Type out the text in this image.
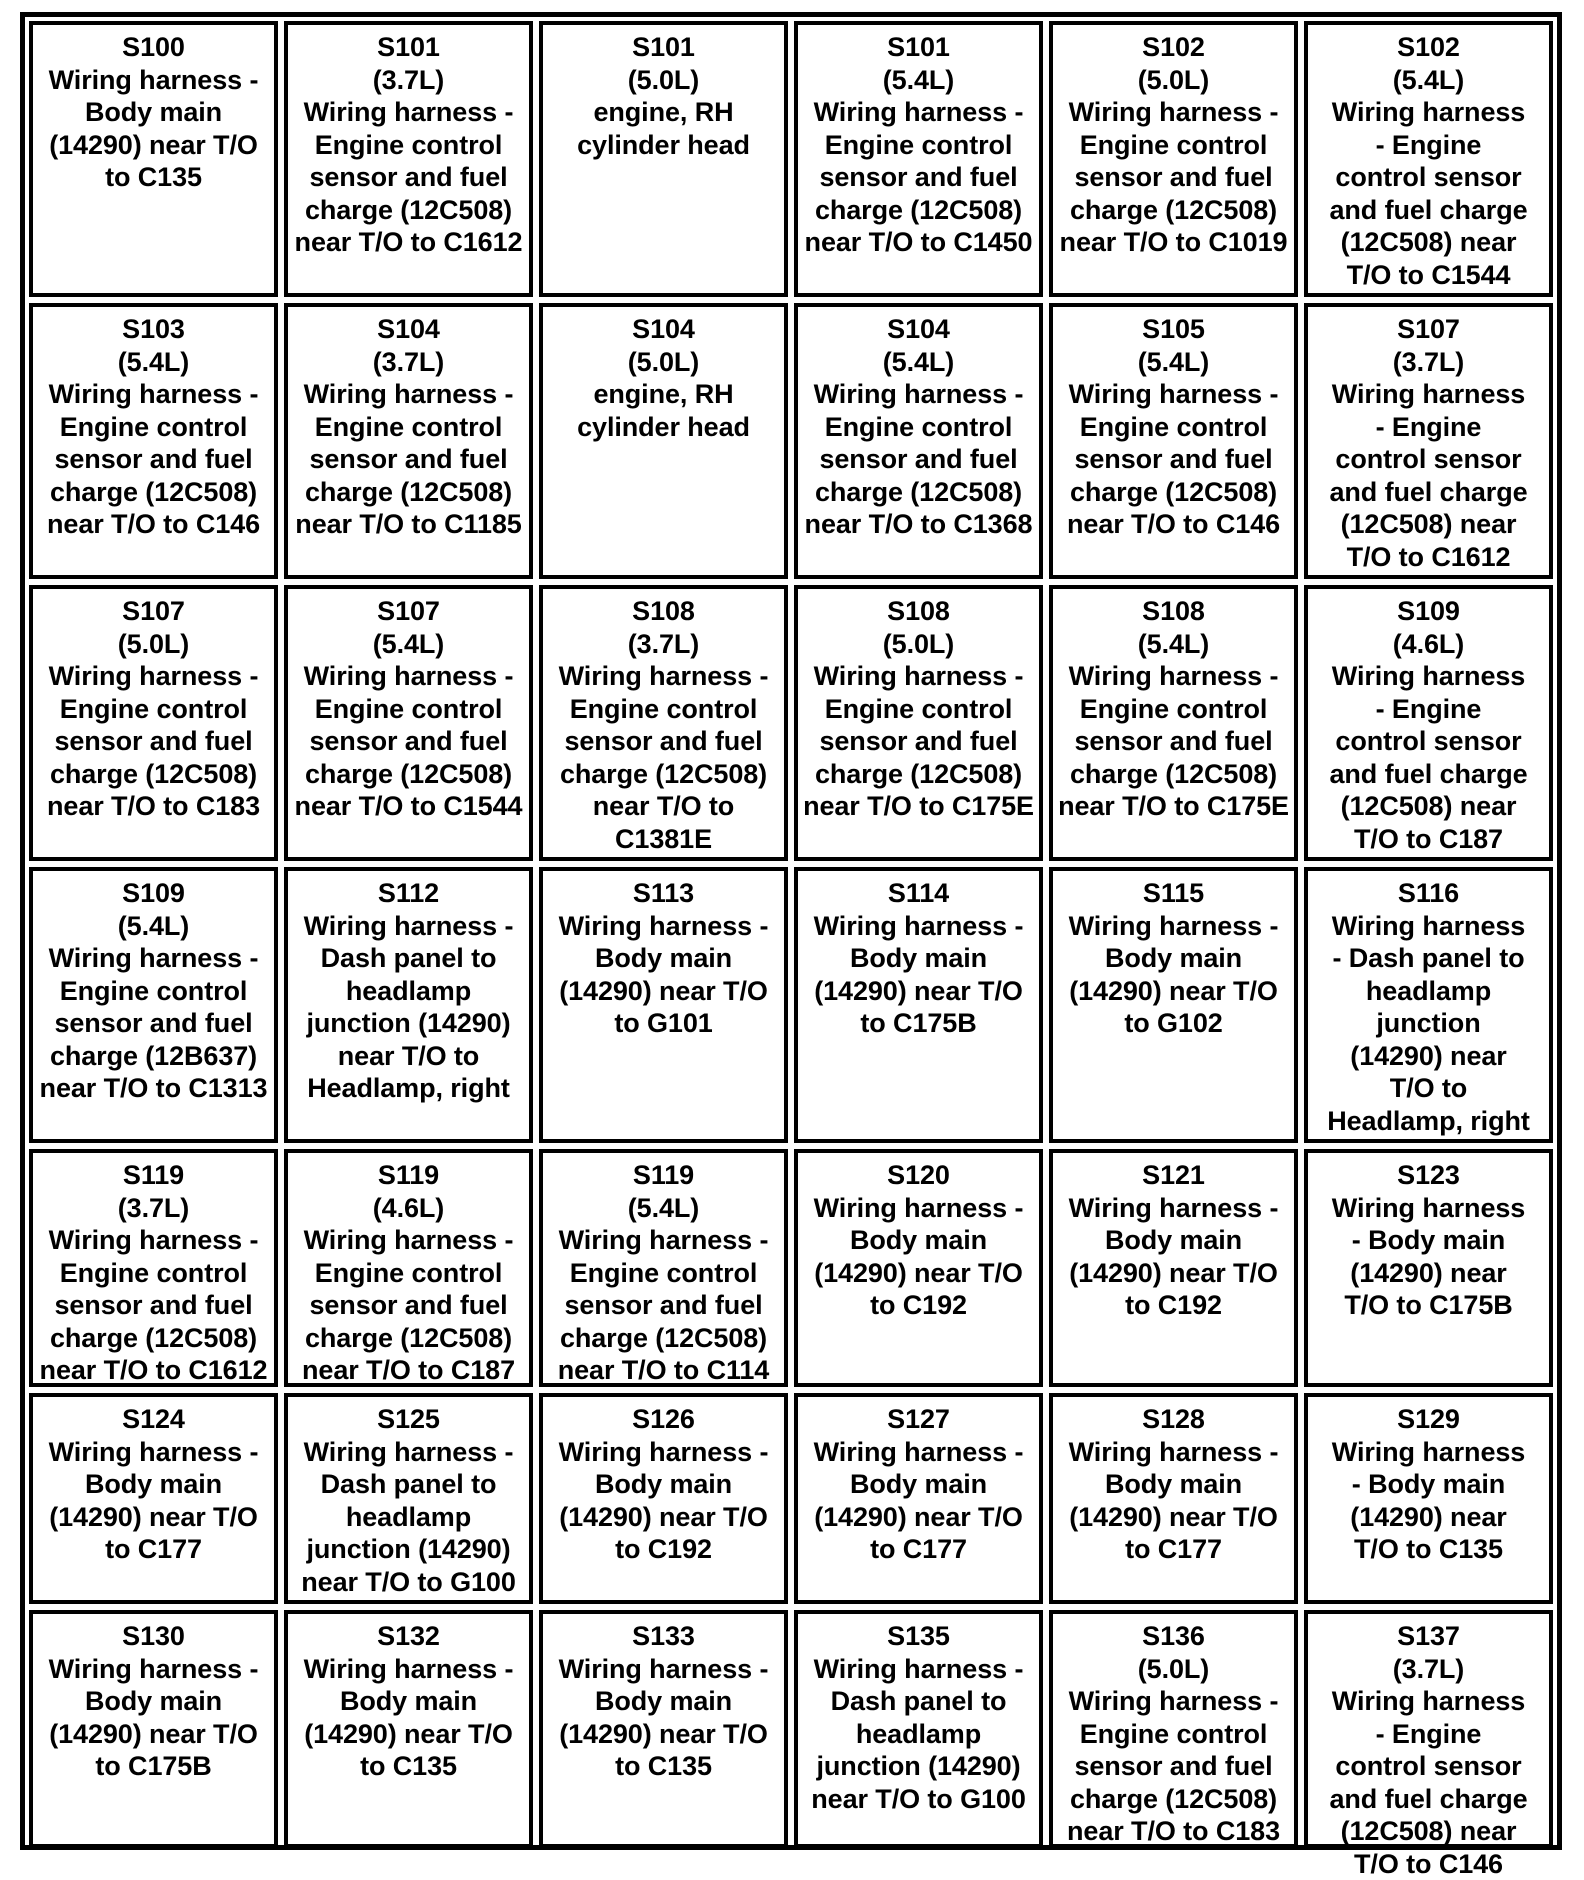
S100
Wiring harness -
Body main
(14290) near T/O
to C135

S101
(3.7L)
Wiring harness -
Engine control
sensor and fuel
charge (12C508)
near T/O to C1612

S101
(5.0L)
engine, RH
cylinder head

S101
(5.4L)
Wiring harness -
Engine control
sensor and fuel
charge (12C508)
near T/O to C1450

S102
(5.0L)
Wiring harness -
Engine control
sensor and fuel
charge (12C508)
near T/O to C1019

S102
(5.4L)
Wiring harness
- Engine
control sensor
and fuel charge
(12C508) near
T/O to C1544

S103
(5.4L)
Wiring harness -
Engine control
sensor and fuel
charge (12C508)
near T/O to C146

S104
(3.7L)
Wiring harness -
Engine control
sensor and fuel
charge (12C508)
near T/O to C1185

S104
(5.0L)
engine, RH
cylinder head

S104
(5.4L)
Wiring harness -
Engine control
sensor and fuel
charge (12C508)
near T/O to C1368

S105
(5.4L)
Wiring harness -
Engine control
sensor and fuel
charge (12C508)
near T/O to C146

S107
(3.7L)
Wiring harness
- Engine
control sensor
and fuel charge
(12C508) near
T/O to C1612

S107
(5.0L)
Wiring harness -
Engine control
sensor and fuel
charge (12C508)
near T/O to C183

S107
(5.4L)
Wiring harness -
Engine control
sensor and fuel
charge (12C508)
near T/O to C1544

S108
(3.7L)
Wiring harness -
Engine control
sensor and fuel
charge (12C508)
near T/O to
C1381E

S108
(5.0L)
Wiring harness -
Engine control
sensor and fuel
charge (12C508)
near T/O to C175E

S108
(5.4L)
Wiring harness -
Engine control
sensor and fuel
charge (12C508)
near T/O to C175E

S109
(4.6L)
Wiring harness
- Engine
control sensor
and fuel charge
(12C508) near
T/O to C187

S109
(5.4L)
Wiring harness -
Engine control
sensor and fuel
charge (12B637)
near T/O to C1313

S112
Wiring harness -
Dash panel to
headlamp
junction (14290)
near T/O to
Headlamp, right

S113
Wiring harness -
Body main
(14290) near T/O
to G101

S114
Wiring harness -
Body main
(14290) near T/O
to C175B

S115
Wiring harness -
Body main
(14290) near T/O
to G102

S116
Wiring harness
- Dash panel to
headlamp
junction
(14290) near
T/O to
Headlamp, right

S119
(3.7L)
Wiring harness -
Engine control
sensor and fuel
charge (12C508)
near T/O to C1612

S119
(4.6L)
Wiring harness -
Engine control
sensor and fuel
charge (12C508)
near T/O to C187

S119
(5.4L)
Wiring harness -
Engine control
sensor and fuel
charge (12C508)
near T/O to C114

S120
Wiring harness -
Body main
(14290) near T/O
to C192

S121
Wiring harness -
Body main
(14290) near T/O
to C192

S123
Wiring harness
- Body main
(14290) near
T/O to C175B

S124
Wiring harness -
Body main
(14290) near T/O
to C177

S125
Wiring harness -
Dash panel to
headlamp
junction (14290)
near T/O to G100

S126
Wiring harness -
Body main
(14290) near T/O
to C192

S127
Wiring harness -
Body main
(14290) near T/O
to C177

S128
Wiring harness -
Body main
(14290) near T/O
to C177

S129
Wiring harness
- Body main
(14290) near
T/O to C135

S130
Wiring harness -
Body main
(14290) near T/O
to C175B

S132
Wiring harness -
Body main
(14290) near T/O
to C135

S133
Wiring harness -
Body main
(14290) near T/O
to C135

S135
Wiring harness -
Dash panel to
headlamp
junction (14290)
near T/O to G100

S136
(5.0L)
Wiring harness -
Engine control
sensor and fuel
charge (12C508)
near T/O to C183

S137
(3.7L)
Wiring harness
- Engine
control sensor
and fuel charge
(12C508) near
T/O to C146
